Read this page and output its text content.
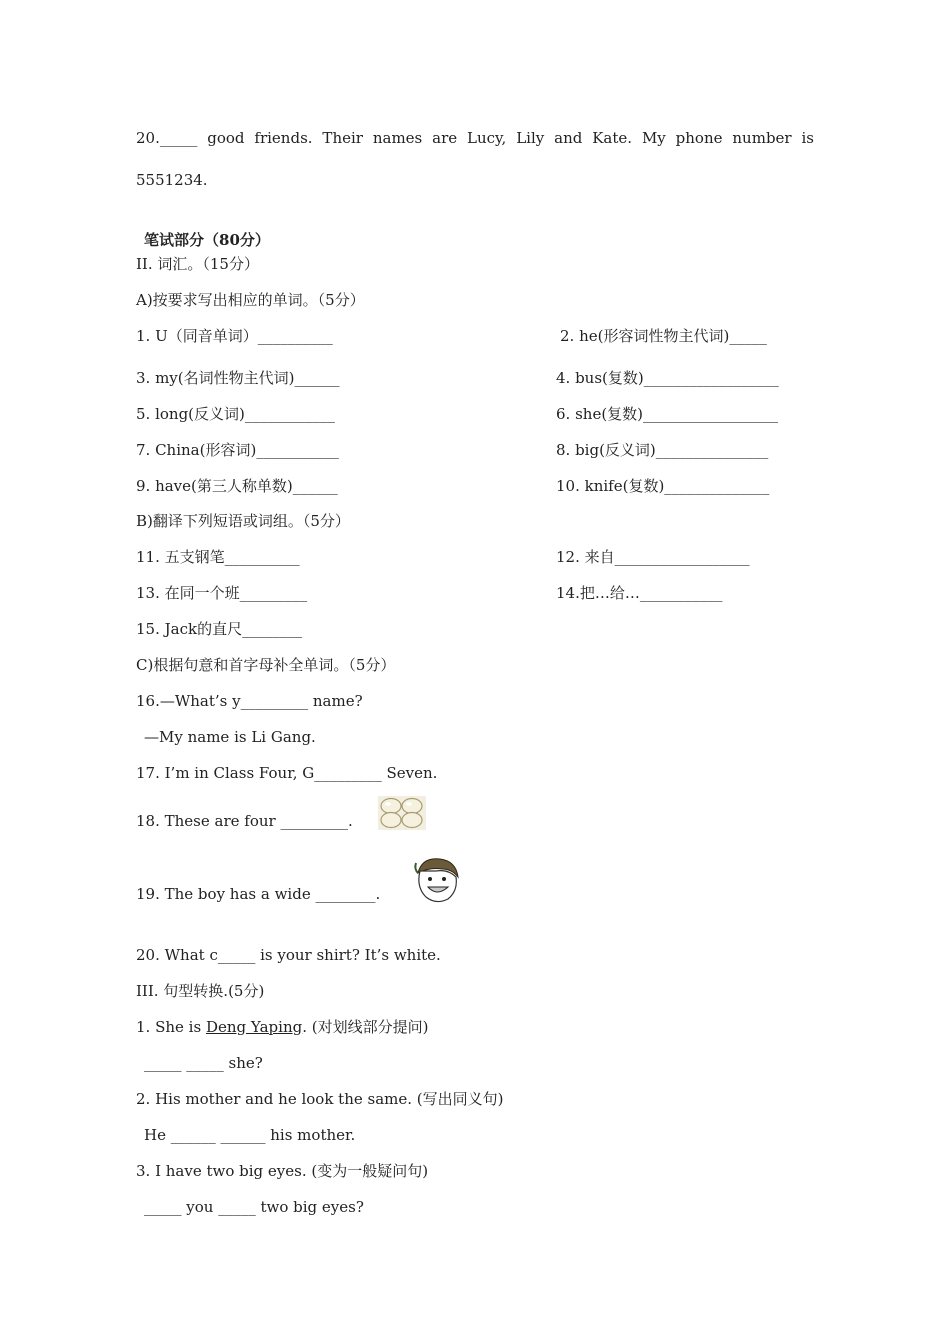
20._____ good friends. Their names are Lucy, Lily and Kate. My phone number is
5551234.
笔试部分（80分）
II. 词汇。（15分）
A)按要求写出相应的单词。（5分）
1. U（同音单词）__________	2. he(形容词性物主代词)_____
3. my(名词性物主代词)______	4. bus(复数)__________________
5. long(反义词)____________	6. she(复数)__________________
7. China(形容词)___________	8. big(反义词)_______________
9. have(第三人称单数)______	10. knife(复数)______________
B)翻译下列短语或词组。（5分）
11. 五支钢笔__________	12. 来自__________________
13. 在同一个班_________	14.把…给…___________
15. Jack的直尺________
C)根据句意和首字母补全单词。（5分）
16.—What’s y_________ name?
—My name is Li Gang.
17. I’m in Class Four, G_________ Seven.
18. These are four _________.
19. The boy has a wide ________.
20. What c_____ is your shirt? It’s white.
III. 句型转换.(5分)
1. She is Deng Yaping. (对划线部分提问)
_____ _____ she?
2. His mother and he look the same. (写出同义句)
He ______ ______ his mother.
3. I have two big eyes. (变为一般疑问句)
_____ you _____ two big eyes?
